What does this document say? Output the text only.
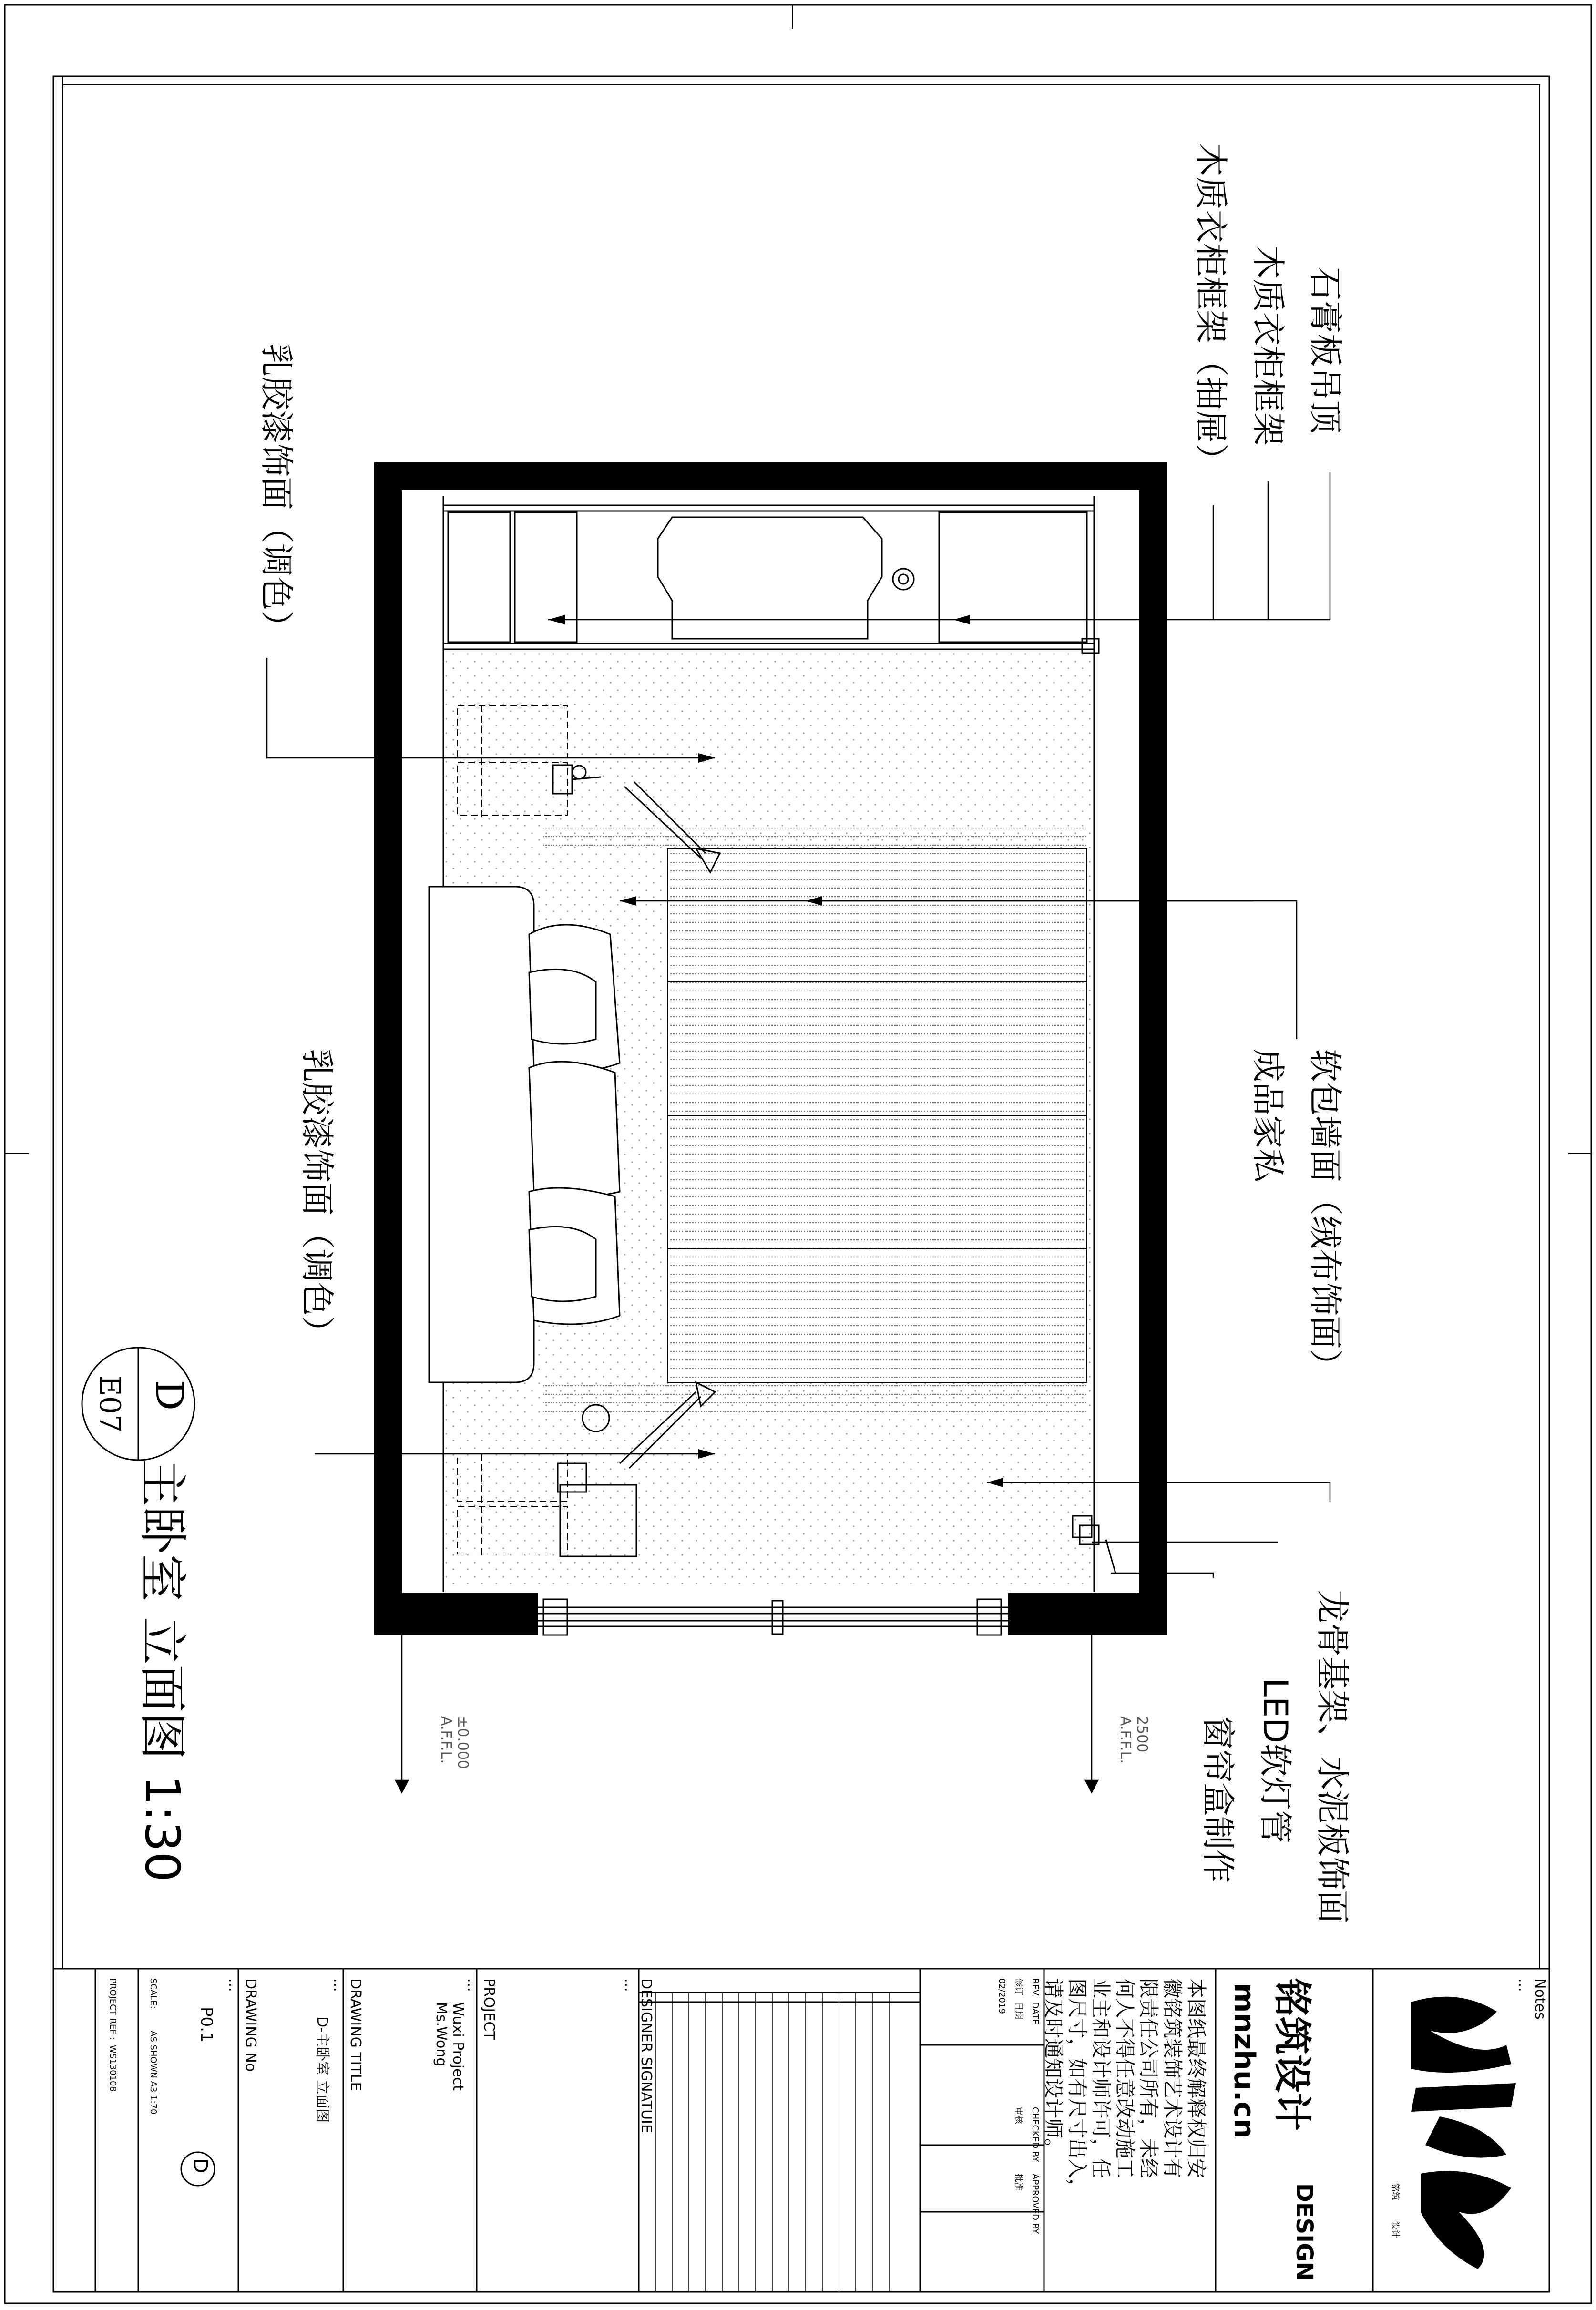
乳胶漆饰面（调色）	石膏板吊顶
木质衣柜框架
木质衣柜框架（抽屉）
乳胶漆饰面（调色）	软包墙面（绒布饰面）
成品家私
龙骨基架、水泥板饰面
LED软灯管
窗帘盒制作
±0.000
A.F.F.L.	2500
A.F.F.L.
D
E07
主卧室 立面图 1:30
Notes
...
铭筑设计
mnzhu.cn
DESIGN	铭筑
设计
本图纸最终解释权归安
徽铭筑装饰艺术设计有
限责任公司所有，未经
何人不得任意改动施工
业主和设计师许可，任
图尺寸，如有尺寸出入，
请及时通知设计师。
REV.
DATE
CHECKED BY
APPROVED BY
修订
日期
审核
批准
02/2019
DESIGNER SIGNATUIE
...
PROJECT
...
Wuxi Project
Ms.Wong
DRAWING TITLE
...
D-主卧室 立面图
DRAWING No
...
P0.1
D
SCALE:
AS SHOWN A3 1:70
PROJECT REF :
WS130108
